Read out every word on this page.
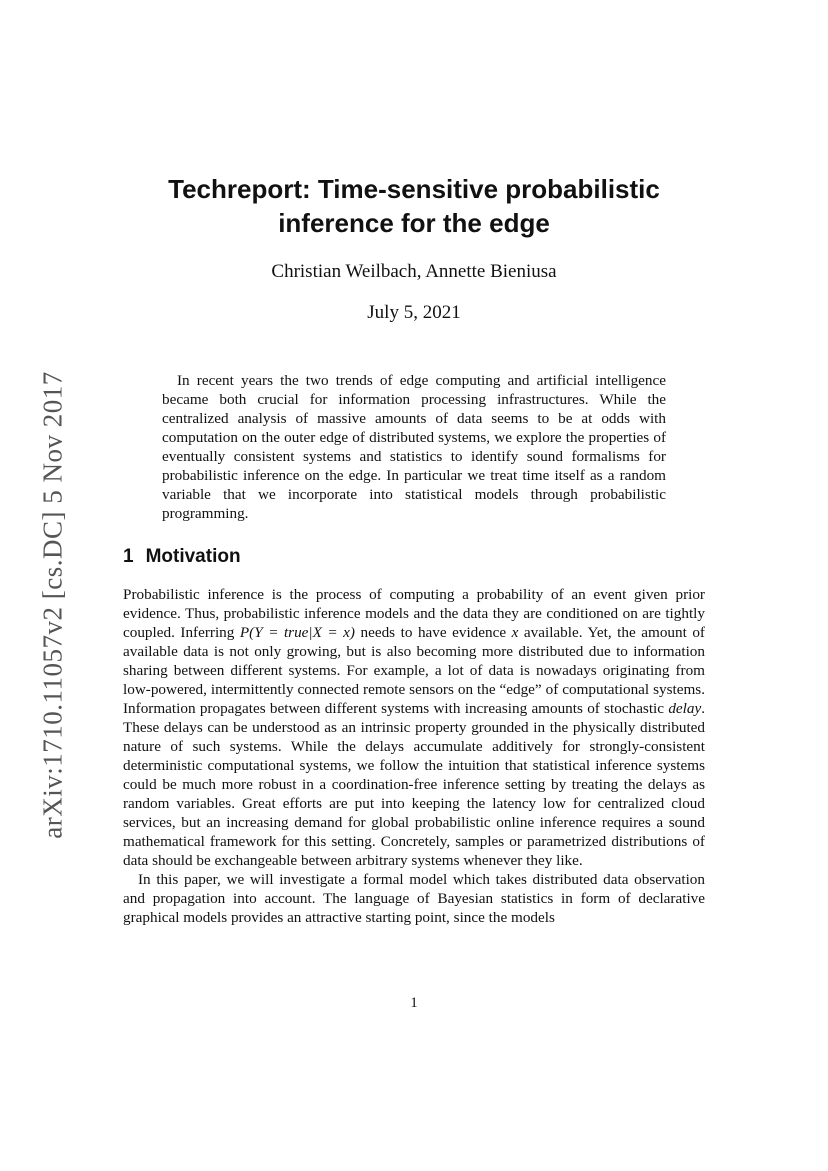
arXiv:1710.11057v2 [cs.DC] 5 Nov 2017
Techreport: Time-sensitive probabilistic
inference for the edge
Christian Weilbach, Annette Bieniusa
July 5, 2021

In recent years the two trends of edge computing and artificial intelligence became both crucial for information processing infrastructures. While the centralized analysis of massive amounts of data seems to be at odds with computation on the outer edge of distributed systems, we explore the properties of eventually consistent systems and statistics to identify sound formalisms for probabilistic inference on the edge. In particular we treat time itself as a random variable that we incorporate into statistical models through probabilistic programming.

1 Motivation

Probabilistic inference is the process of computing a probability of an event given prior evidence. Thus, probabilistic inference models and the data they are conditioned on are tightly coupled. Inferring P(Y = true|X = x) needs to have evidence x available. Yet, the amount of available data is not only growing, but is also becoming more distributed due to information sharing between different systems. For example, a lot of data is nowadays originating from low-powered, intermittently connected remote sensors on the “edge” of computational systems. Information propagates between different systems with increasing amounts of stochastic delay. These delays can be understood as an intrinsic property grounded in the physically distributed nature of such systems. While the delays accumulate additively for strongly-consistent deterministic computational systems, we follow the intuition that statistical inference systems could be much more robust in a coordination-free inference setting by treating the delays as random variables. Great efforts are put into keeping the latency low for centralized cloud services, but an increasing demand for global probabilistic online inference requires a sound mathematical framework for this setting. Concretely, samples or parametrized distributions of data should be exchangeable between arbitrary systems whenever they like.

In this paper, we will investigate a formal model which takes distributed data observation and propagation into account. The language of Bayesian statistics in form of declarative graphical models provides an attractive starting point, since the models

1
